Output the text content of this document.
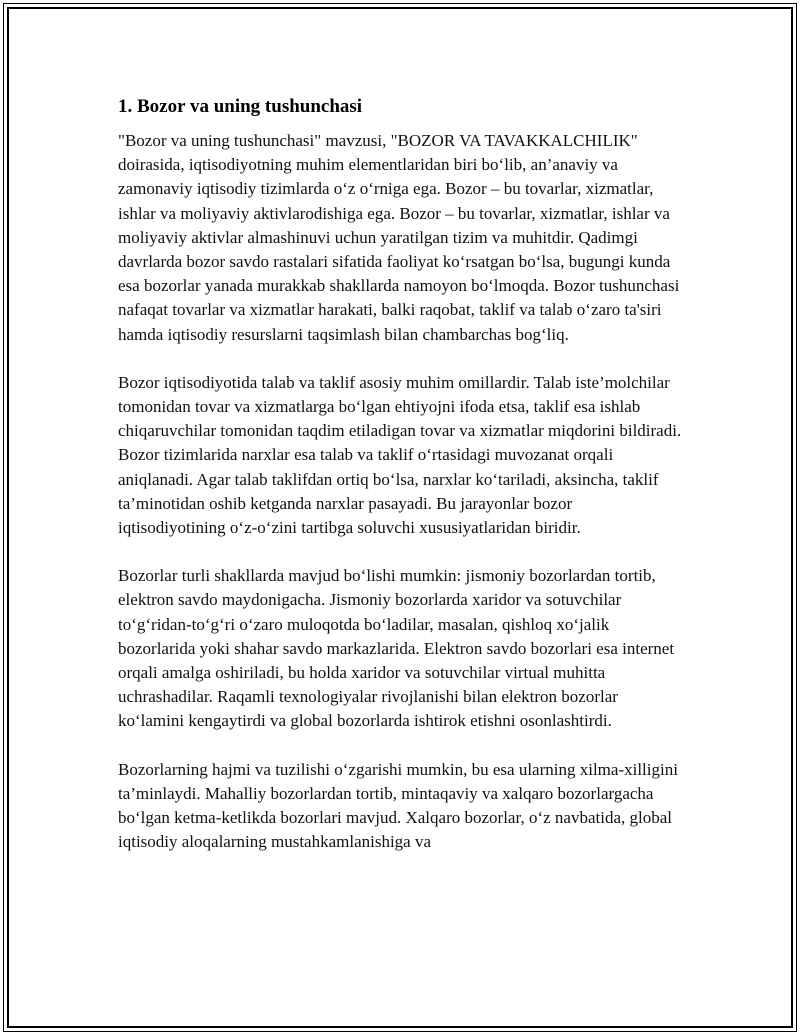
1. Bozor va uning tushunchasi

"Bozor va uning tushunchasi" mavzusi, "BOZOR VA TAVAKKALCHILIK" doirasida, iqtisodiyotning muhim elementlaridan biri bo‘lib, an’anaviy va zamonaviy iqtisodiy tizimlarda o‘z o‘rniga ega. Bozor – bu tovarlar, xizmatlar, ishlar va moliyaviy aktivlarodishiga ega. Bozor – bu tovarlar, xizmatlar, ishlar va moliyaviy aktivlar almashinuvi uchun yaratilgan tizim va muhitdir. Qadimgi davrlarda bozor savdo rastalari sifatida faoliyat ko‘rsatgan bo‘lsa, bugungi kunda esa bozorlar yanada murakkab shakllarda namoyon bo‘lmoqda. Bozor tushunchasi nafaqat tovarlar va xizmatlar harakati, balki raqobat, taklif va talab o‘zaro ta'siri hamda iqtisodiy resurslarni taqsimlash bilan chambarchas bog‘liq.

Bozor iqtisodiyotida talab va taklif asosiy muhim omillardir. Talab iste’molchilar tomonidan tovar va xizmatlarga bo‘lgan ehtiyojni ifoda etsa, taklif esa ishlab chiqaruvchilar tomonidan taqdim etiladigan tovar va xizmatlar miqdorini bildiradi. Bozor tizimlarida narxlar esa talab va taklif o‘rtasidagi muvozanat orqali aniqlanadi. Agar talab taklifdan ortiq bo‘lsa, narxlar ko‘tariladi, aksincha, taklif ta’minotidan oshib ketganda narxlar pasayadi. Bu jarayonlar bozor iqtisodiyotining o‘z-o‘zini tartibga soluvchi xususiyatlaridan biridir.

Bozorlar turli shakllarda mavjud bo‘lishi mumkin: jismoniy bozorlardan tortib, elektron savdo maydonigacha. Jismoniy bozorlarda xaridor va sotuvchilar to‘g‘ridan-to‘g‘ri o‘zaro muloqotda bo‘ladilar, masalan, qishloq xo‘jalik bozorlarida yoki shahar savdo markazlarida. Elektron savdo bozorlari esa internet orqali amalga oshiriladi, bu holda xaridor va sotuvchilar virtual muhitta uchrashadilar. Raqamli texnologiyalar rivojlanishi bilan elektron bozorlar ko‘lamini kengaytirdi va global bozorlarda ishtirok etishni osonlashtirdi.

Bozorlarning hajmi va tuzilishi o‘zgarishi mumkin, bu esa ularning xilma-xilligini ta’minlaydi. Mahalliy bozorlardan tortib, mintaqaviy va xalqaro bozorlargacha bo‘lgan ketma-ketlikda bozorlari mavjud. Xalqaro bozorlar, o‘z navbatida, global iqtisodiy aloqalarning mustahkamlanishiga va
